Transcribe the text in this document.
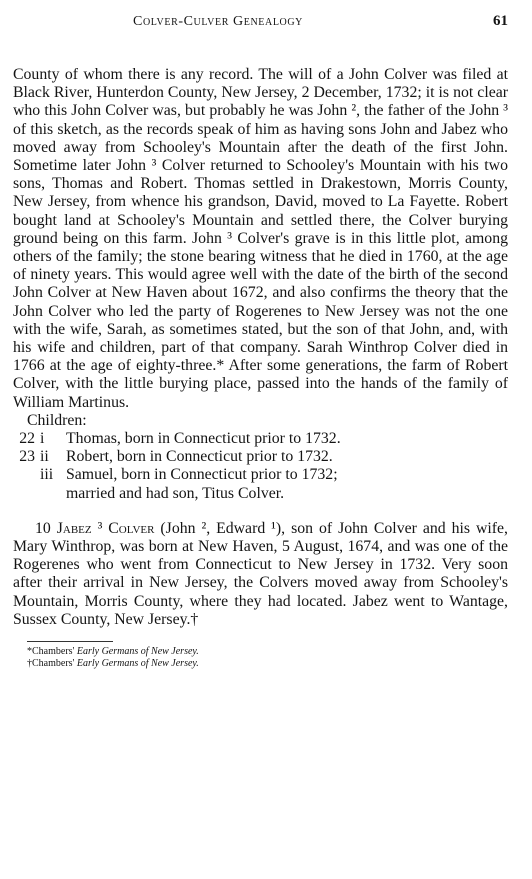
Colver-Culver Genealogy	61

County of whom there is any record. The will of a John Colver was filed at Black River, Hunterdon County, New Jersey, 2 December, 1732; it is not clear who this John Colver was, but probably he was John ², the father of the John ³ of this sketch, as the records speak of him as having sons John and Jabez who moved away from Schooley's Mountain after the death of the first John. Sometime later John ³ Colver returned to Schooley's Mountain with his two sons, Thomas and Robert. Thomas settled in Drakestown, Morris County, New Jersey, from whence his grandson, David, moved to La Fayette. Robert bought land at Schooley's Mountain and settled there, the Colver burying ground being on this farm. John ³ Colver's grave is in this little plot, among others of the family; the stone bearing witness that he died in 1760, at the age of ninety years. This would agree well with the date of the birth of the second John Colver at New Haven about 1672, and also confirms the theory that the John Colver who led the party of Rogerenes to New Jersey was not the one with the wife, Sarah, as sometimes stated, but the son of that John, and, with his wife and children, part of that company. Sarah Winthrop Colver died in 1766 at the age of eighty-three.* After some generations, the farm of Robert Colver, with the little burying place, passed into the hands of the family of William Martinus.

Children:
22 i	Thomas, born in Connecticut prior to 1732.
23 ii	Robert, born in Connecticut prior to 1732.
iii Samuel, born in Connecticut prior to 1732;
married and had son, Titus Colver.

10 Jabez ³ Colver (John ², Edward ¹), son of John Colver and his wife, Mary Winthrop, was born at New Haven, 5 August, 1674, and was one of the Rogerenes who went from Connecticut to New Jersey in 1732. Very soon after their arrival in New Jersey, the Colvers moved away from Schooley's Mountain, Morris County, where they had located. Jabez went to Wantage, Sussex County, New Jersey.†

*Chambers' Early Germans of New Jersey.
†Chambers' Early Germans of New Jersey.
